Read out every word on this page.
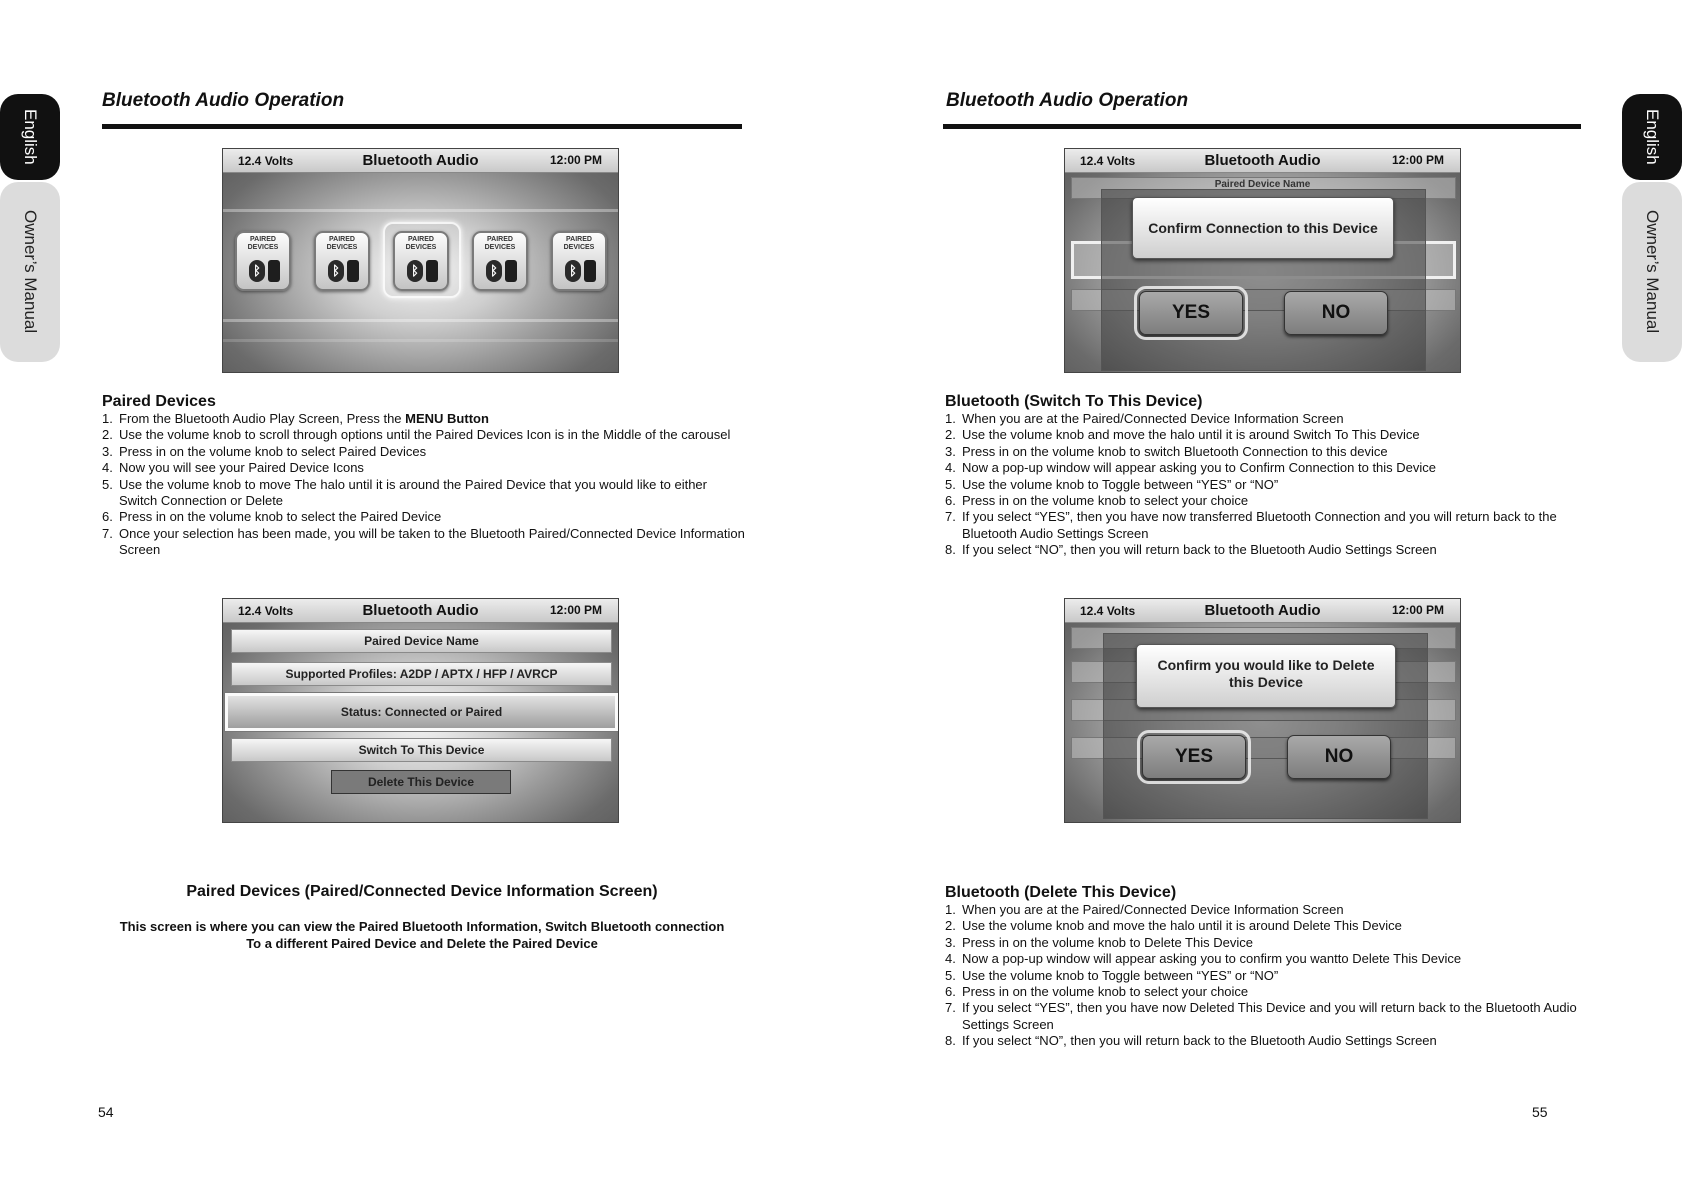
English
Owner’s Manual
English
Owner’s Manual
Bluetooth Audio Operation
12.4 Volts	Bluetooth Audio	12:00 PM
PAIRED DEVICES
ᛒ
PAIRED DEVICES
ᛒ
PAIRED DEVICES
ᛒ
PAIRED DEVICES
ᛒ
PAIRED DEVICES
ᛒ
Paired Devices
1. From the Bluetooth Audio Play Screen, Press the MENU Button
2. Use the volume knob to scroll through options until the Paired Devices Icon is in the Middle of the carousel
3. Press in on the volume knob to select Paired Devices
4. Now you will see your Paired Device Icons
5. Use the volume knob to move The halo until it is around the Paired Device that you would like to either Switch Connection or Delete
6. Press in on the volume knob to select the Paired Device
7. Once your selection has been made, you will be taken to the Bluetooth Paired/Connected Device Information Screen
12.4 Volts	Bluetooth Audio	12:00 PM
Paired Device Name
Supported Profiles: A2DP / APTX / HFP / AVRCP
Status: Connected or Paired
Switch To This Device
Delete This Device
Paired Devices (Paired/Connected Device Information Screen)
This screen is where you can view the Paired Bluetooth Information, Switch Bluetooth connection
To a different Paired Device and Delete the Paired Device
54
Bluetooth Audio Operation
12.4 Volts	Bluetooth Audio	12:00 PM
Paired Device Name
Confirm Connection to this Device
YES	NO
Bluetooth (Switch To This Device)
1. When you are at the Paired/Connected Device Information Screen
2. Use the volume knob and move the halo until it is around Switch To This Device
3. Press in on the volume knob to switch Bluetooth Connection to this device
4. Now a pop-up window will appear asking you to Confirm Connection to this Device
5. Use the volume knob to Toggle between “YES” or “NO”
6. Press in on the volume knob to select your choice
7. If you select “YES”, then you have now transferred Bluetooth Connection and you will return back to the Bluetooth Audio Settings Screen
8. If you select “NO”, then you will return back to the Bluetooth Audio Settings Screen
12.4 Volts	Bluetooth Audio	12:00 PM
Confirm you would like to Delete
this Device
YES	NO
Bluetooth (Delete This Device)
1. When you are at the Paired/Connected Device Information Screen
2. Use the volume knob and move the halo until it is around Delete This Device
3. Press in on the volume knob to Delete This Device
4. Now a pop-up window will appear asking you to confirm you wantto Delete This Device
5. Use the volume knob to Toggle between “YES” or “NO”
6. Press in on the volume knob to select your choice
7. If you select “YES”, then you have now Deleted This Device and you will return back to the Bluetooth Audio Settings Screen
8. If you select “NO”, then you will return back to the Bluetooth Audio Settings Screen
55
